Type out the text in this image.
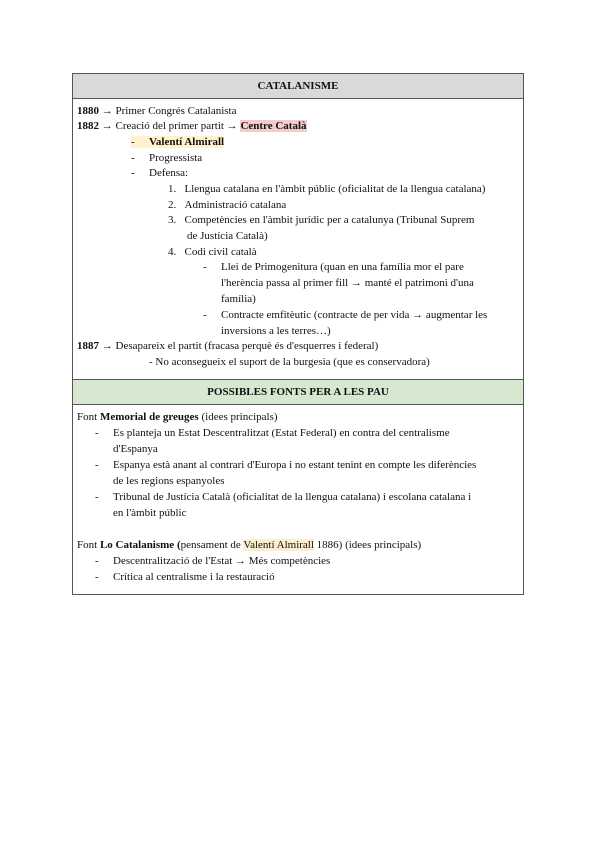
CATALANISME
1880 → Primer Congrés Catalanista
1882 → Creació del primer partit → Centre Català
- Valentí Almirall
- Progressista
- Defensa:
1.   Llengua catalana en l'àmbit públic (oficialitat de la llengua catalana)
2.   Administració catalana
3.   Competències en l'àmbit jurídic per a catalunya (Tribunal Suprem
de Justícia Català)
4.   Codi civil català
- Llei de Primogenitura (quan en una família mor el pare
l'herència passa al primer fill → manté el patrimoni d'una
família)
- Contracte emfitèutic (contracte de per vida → augmentar les
inversions a les terres…)
1887 → Desapareix el partit (fracasa perquè és d'esquerres i federal)
- No aconsegueix el suport de la burgesia (que es conservadora)
POSSIBLES FONTS PER A LES PAU
Font Memorial de greuges (idees principals)
- Es planteja un Estat Descentralitzat (Estat Federal) en contra del centralisme
d'Espanya
- Espanya està anant al contrari d'Europa i no estant tenint en compte les diferències
de les regions espanyoles
- Tribunal de Justícia Català (oficialitat de la llengua catalana) i escolana catalana i
en l'àmbit públic
Font Lo Catalanisme (pensament de Valentí Almirall 1886) (idees principals)
- Descentralització de l'Estat → Més competències
- Crítica al centralisme i la restauració
